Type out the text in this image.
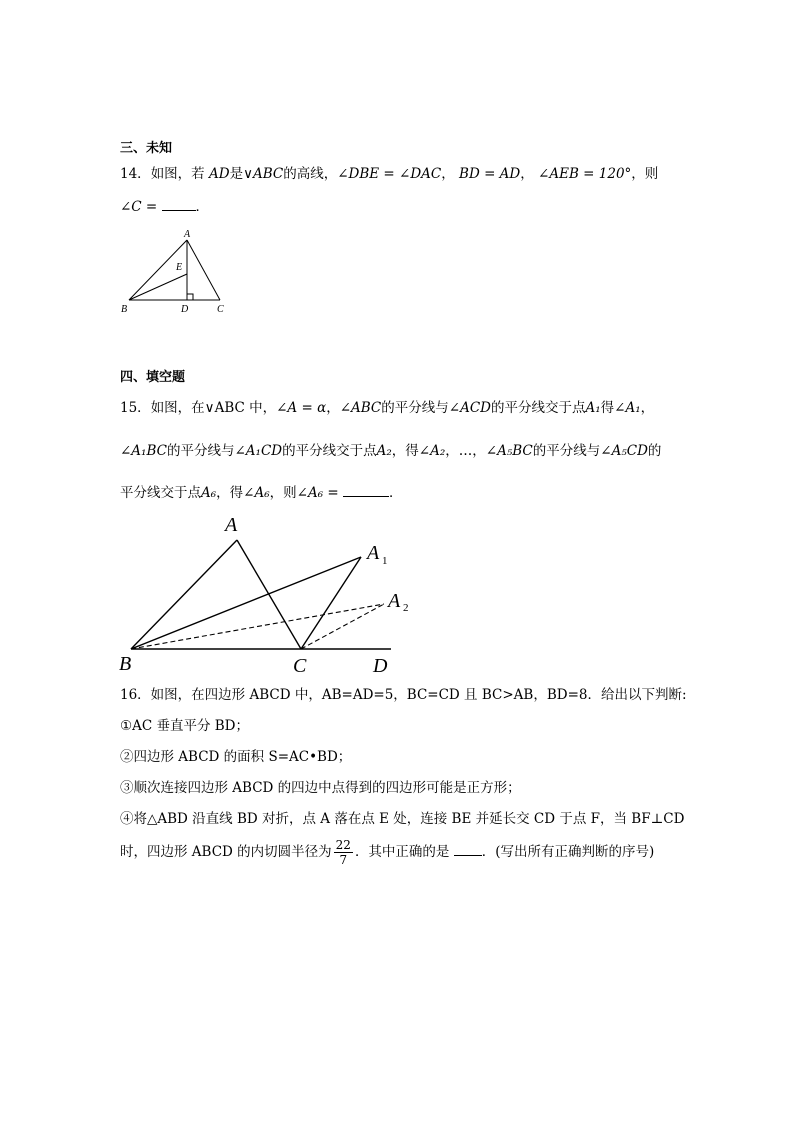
三、未知
14．如图，若 AD是∨ABC的高线，∠DBE = ∠DAC， BD = AD， ∠AEB = 120°，则
∠C =	．
A
E
B	D	C
四、填空题
15．如图，在∨ABC 中，∠A = α，∠ABC的平分线与∠ACD的平分线交于点A₁得∠A₁，
∠A₁BC的平分线与∠A₁CD的平分线交于点A₂，得∠A₂，…，∠A₅BC的平分线与∠A₅CD的
平分线交于点A₆，得∠A₆，则∠A₆ =	．
A
A
A
B	C	D
1
2
16．如图，在四边形 ABCD 中，AB=AD=5，BC=CD 且 BC>AB，BD=8．给出以下判断:
①AC 垂直平分 BD；
②四边形 ABCD 的面积 S=AC•BD；
③顺次连接四边形 ABCD 的四边中点得到的四边形可能是正方形；
④将△ABD 沿直线 BD 对折，点 A 落在点 E 处，连接 BE 并延长交 CD 于点 F，当 BF⊥CD
时，四边形 ABCD 的内切圆半径为 $\frac{22}{7}$ ．其中正确的是 ．(写出所有正确判断的序号)
